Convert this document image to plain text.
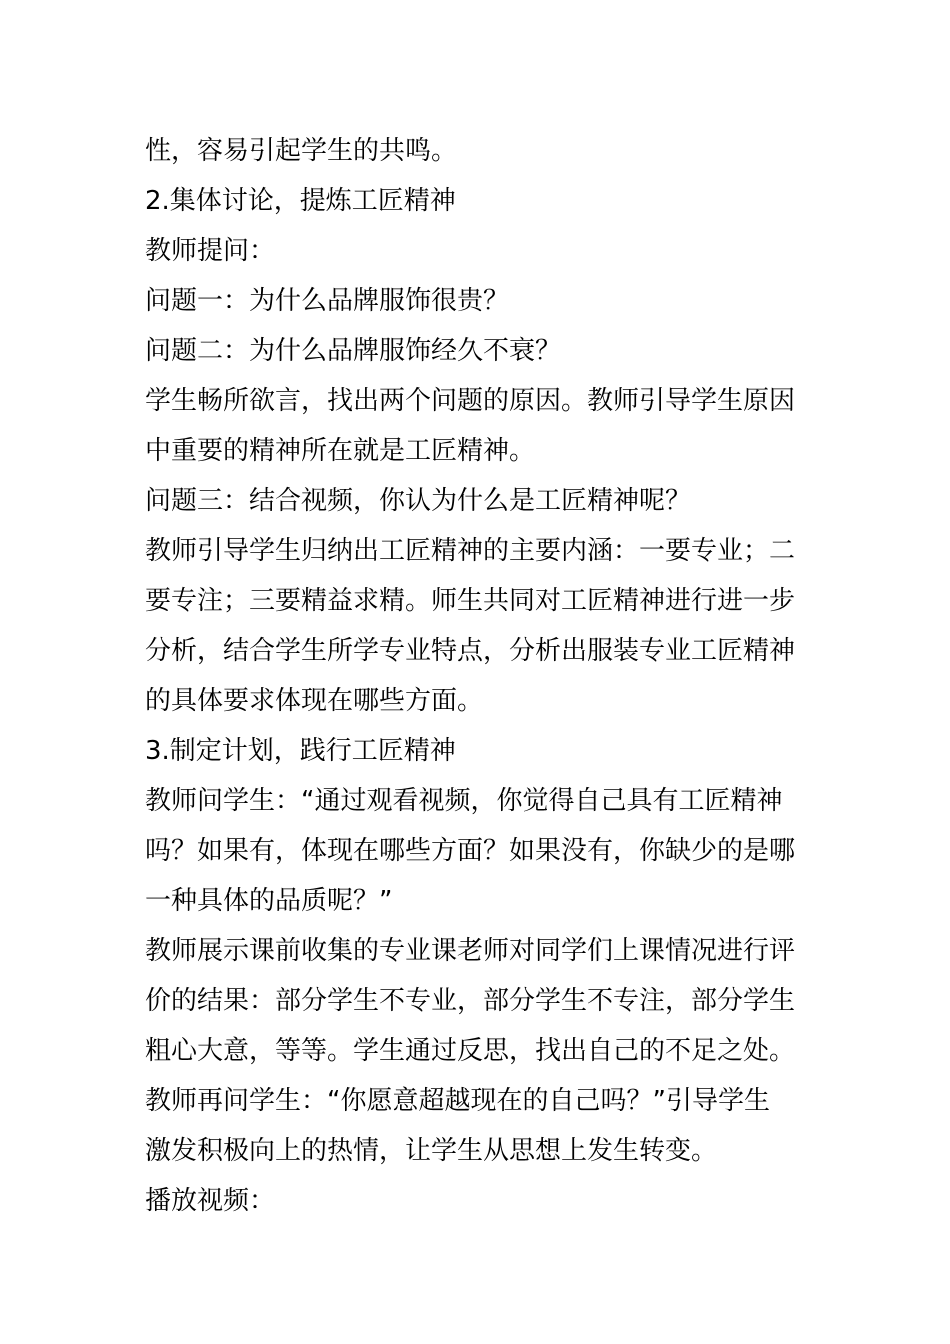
性，容易引起学生的共鸣。
2.集体讨论，提炼工匠精神
教师提问：
问题一：为什么品牌服饰很贵？
问题二：为什么品牌服饰经久不衰？
学生畅所欲言，找出两个问题的原因。教师引导学生原因
中重要的精神所在就是工匠精神。
问题三：结合视频，你认为什么是工匠精神呢？
教师引导学生归纳出工匠精神的主要内涵：一要专业；二
要专注；三要精益求精。师生共同对工匠精神进行进一步
分析，结合学生所学专业特点，分析出服装专业工匠精神
的具体要求体现在哪些方面。
3.制定计划，践行工匠精神
教师问学生：“通过观看视频，你觉得自己具有工匠精神
吗？如果有，体现在哪些方面？如果没有，你缺少的是哪
一种具体的品质呢？”
教师展示课前收集的专业课老师对同学们上课情况进行评
价的结果：部分学生不专业，部分学生不专注，部分学生
粗心大意，等等。学生通过反思，找出自己的不足之处。
教师再问学生：“你愿意超越现在的自己吗？”引导学生
激发积极向上的热情，让学生从思想上发生转变。
播放视频：
